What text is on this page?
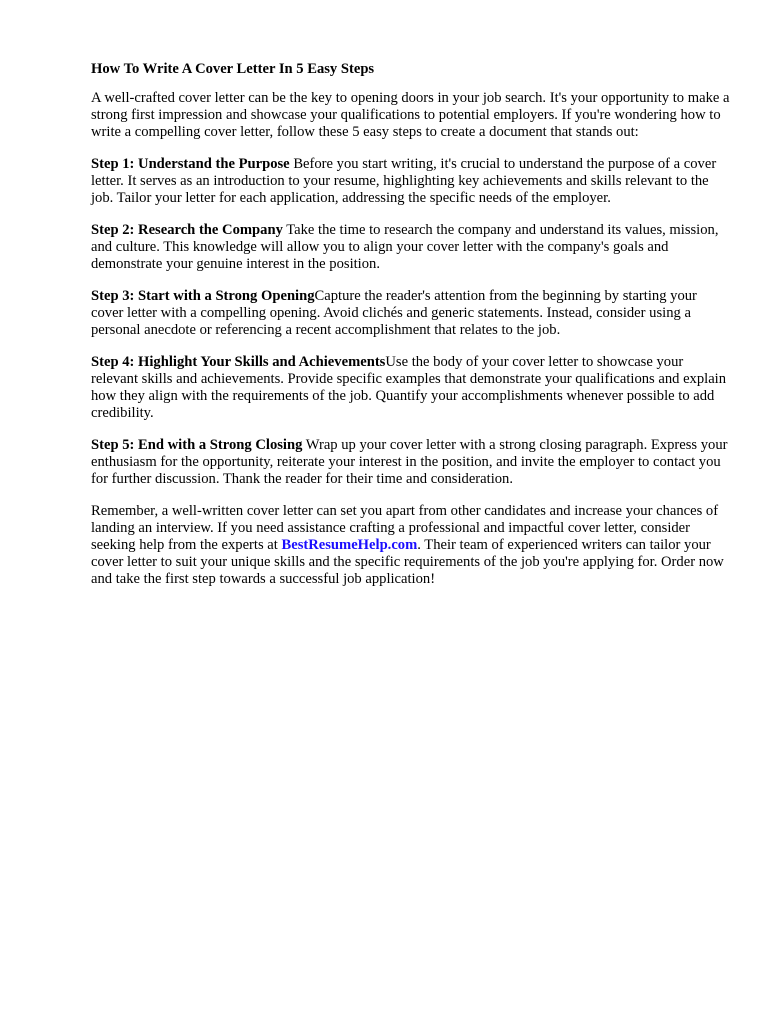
How To Write A Cover Letter In 5 Easy Steps

A well-crafted cover letter can be the key to opening doors in your job search. It's your opportunity to make a strong first impression and showcase your qualifications to potential employers. If you're wondering how to write a compelling cover letter, follow these 5 easy steps to create a document that stands out:

Step 1: Understand the Purpose Before you start writing, it's crucial to understand the purpose of a cover letter. It serves as an introduction to your resume, highlighting key achievements and skills relevant to the job. Tailor your letter for each application, addressing the specific needs of the employer.

Step 2: Research the Company Take the time to research the company and understand its values, mission, and culture. This knowledge will allow you to align your cover letter with the company's goals and demonstrate your genuine interest in the position.

Step 3: Start with a Strong OpeningCapture the reader's attention from the beginning by starting your cover letter with a compelling opening. Avoid clichés and generic statements. Instead, consider using a personal anecdote or referencing a recent accomplishment that relates to the job.

Step 4: Highlight Your Skills and AchievementsUse the body of your cover letter to showcase your relevant skills and achievements. Provide specific examples that demonstrate your qualifications and explain how they align with the requirements of the job. Quantify your accomplishments whenever possible to add credibility.

Step 5: End with a Strong Closing Wrap up your cover letter with a strong closing paragraph. Express your enthusiasm for the opportunity, reiterate your interest in the position, and invite the employer to contact you for further discussion. Thank the reader for their time and consideration.

Remember, a well-written cover letter can set you apart from other candidates and increase your chances of landing an interview. If you need assistance crafting a professional and impactful cover letter, consider seeking help from the experts at BestResumeHelp.com. Their team of experienced writers can tailor your cover letter to suit your unique skills and the specific requirements of the job you're applying for. Order now and take the first step towards a successful job application!
